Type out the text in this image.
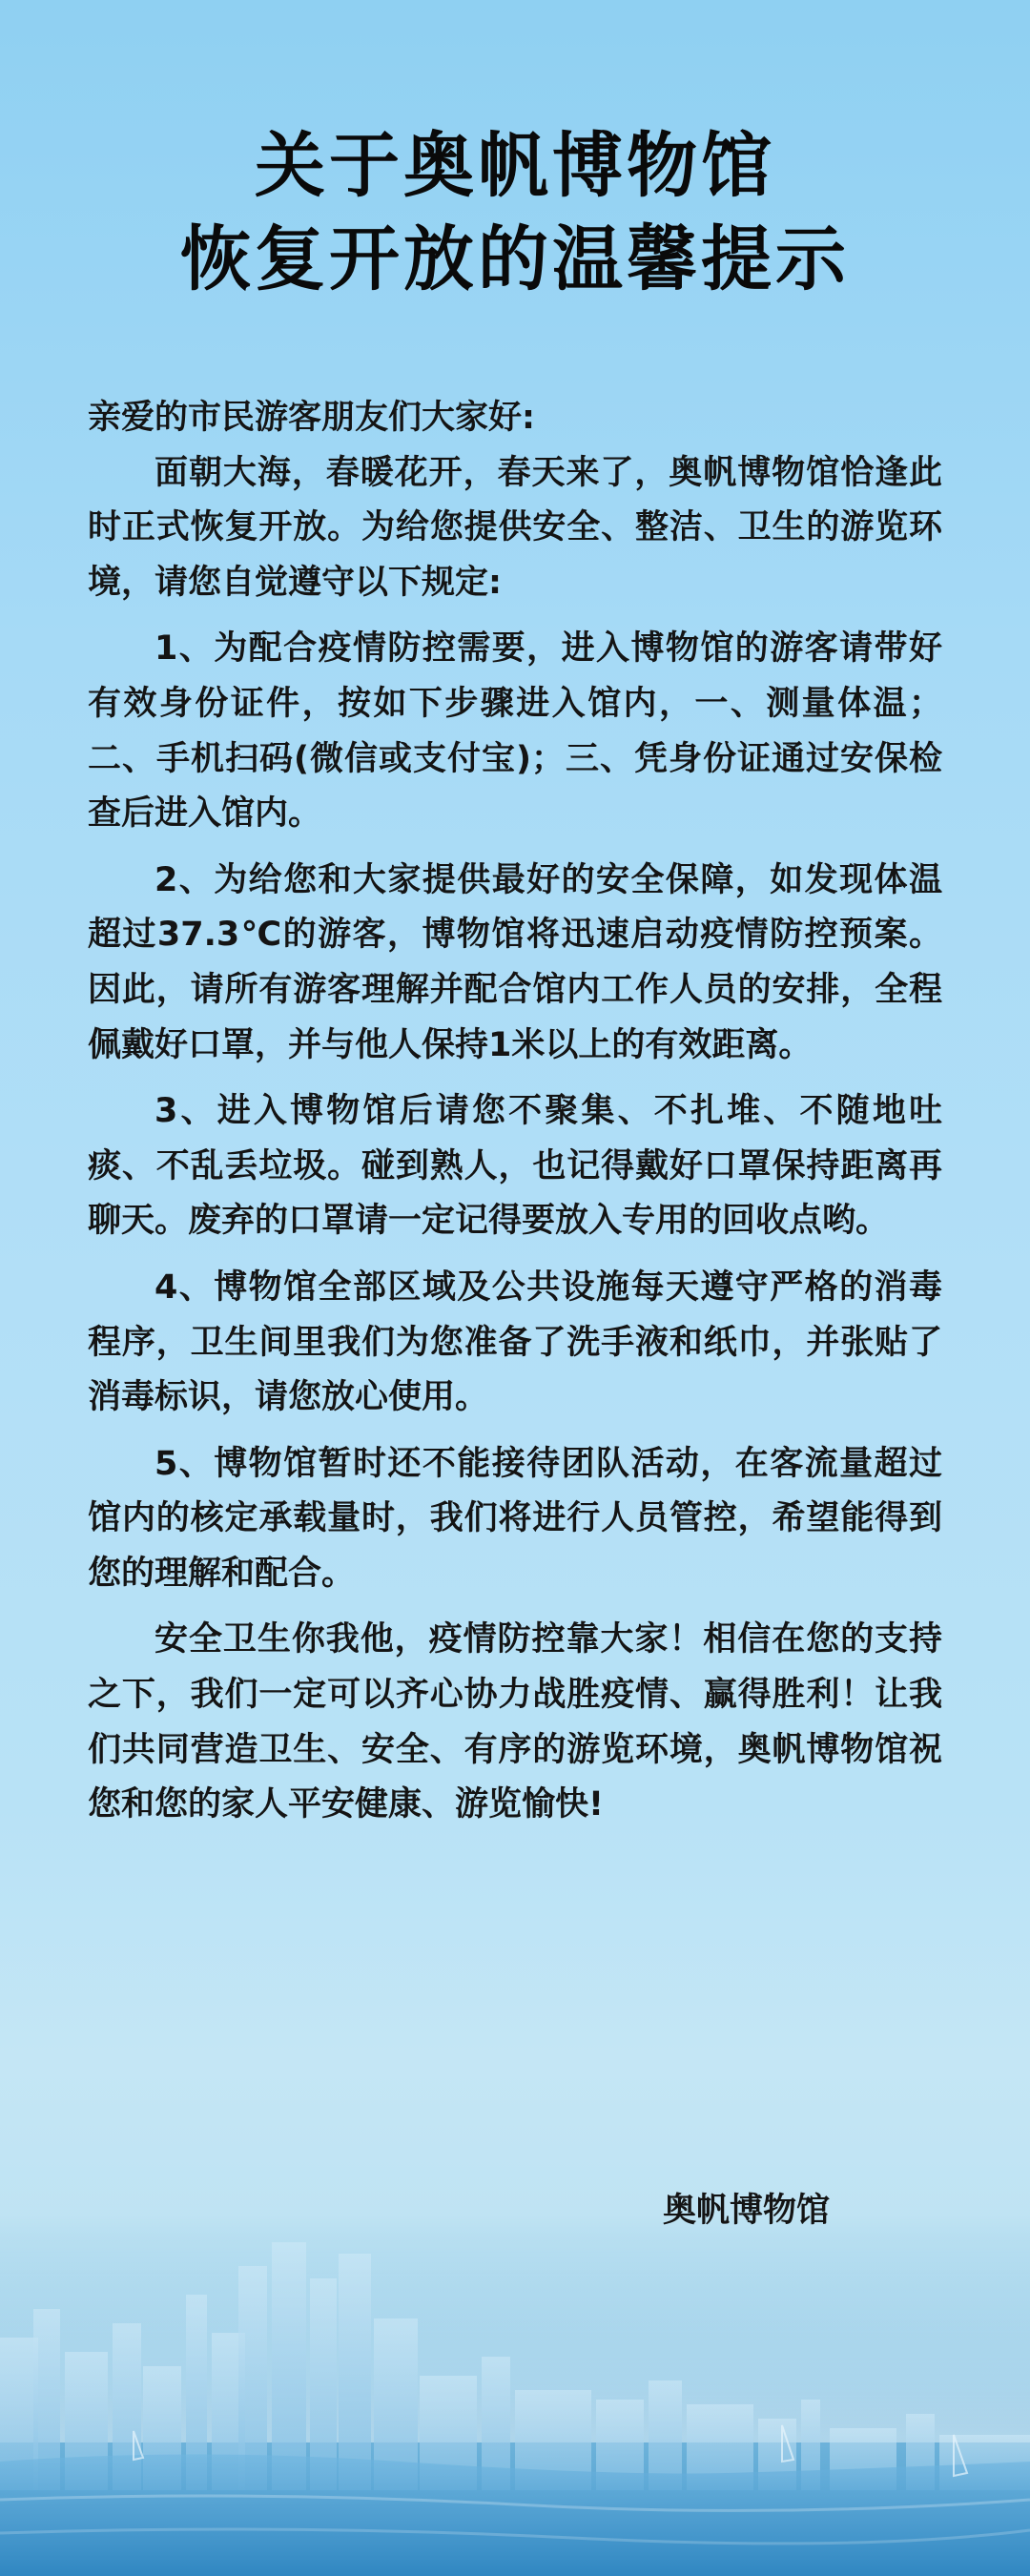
关于奥帆博物馆
恢复开放的温馨提示

亲爱的市民游客朋友们大家好:

面朝大海，春暖花开，春天来了，奥帆博物馆恰逢此时正式恢复开放。为给您提供安全、整洁、卫生的游览环境，请您自觉遵守以下规定:

1、为配合疫情防控需要，进入博物馆的游客请带好有效身份证件，按如下步骤进入馆内，一、测量体温；二、手机扫码(微信或支付宝)；三、凭身份证通过安保检查后进入馆内。

2、为给您和大家提供最好的安全保障，如发现体温超过37.3℃的游客，博物馆将迅速启动疫情防控预案。因此，请所有游客理解并配合馆内工作人员的安排，全程佩戴好口罩，并与他人保持1米以上的有效距离。

3、进入博物馆后请您不聚集、不扎堆、不随地吐痰、不乱丢垃圾。碰到熟人，也记得戴好口罩保持距离再聊天。废弃的口罩请一定记得要放入专用的回收点哟。

4、博物馆全部区域及公共设施每天遵守严格的消毒程序，卫生间里我们为您准备了洗手液和纸巾，并张贴了消毒标识，请您放心使用。

5、博物馆暂时还不能接待团队活动，在客流量超过馆内的核定承载量时，我们将进行人员管控，希望能得到您的理解和配合。

安全卫生你我他，疫情防控靠大家！相信在您的支持之下，我们一定可以齐心协力战胜疫情、赢得胜利！让我们共同营造卫生、安全、有序的游览环境，奥帆博物馆祝您和您的家人平安健康、游览愉快!

奥帆博物馆
